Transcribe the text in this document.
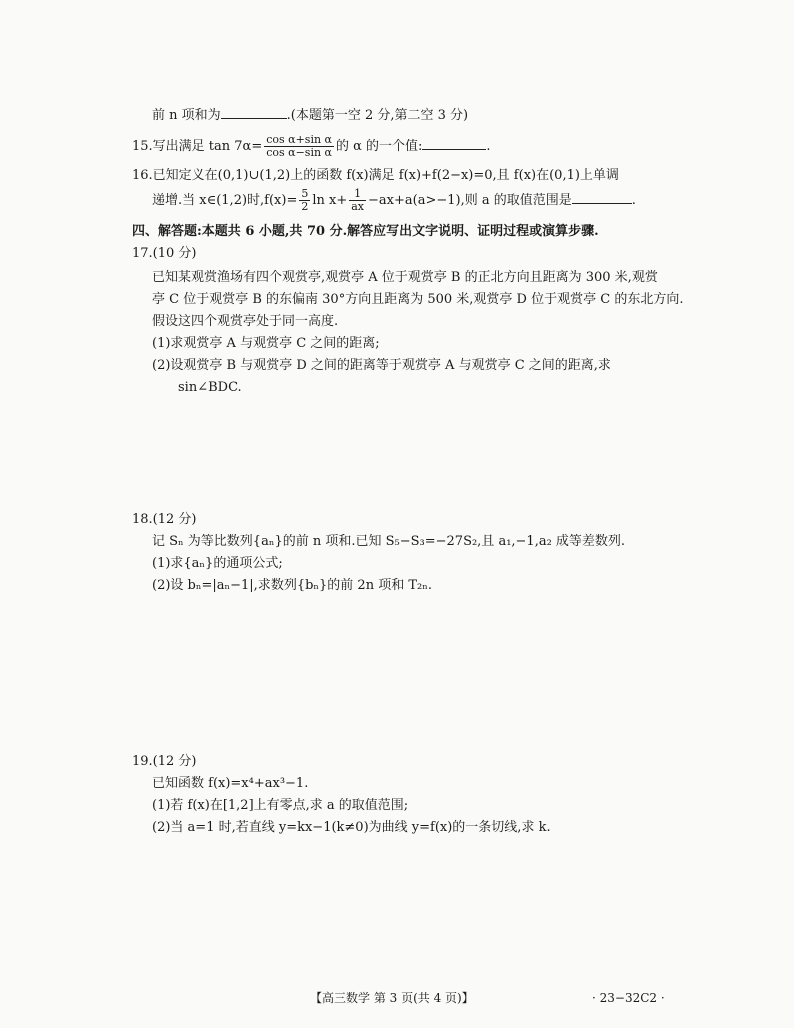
前 n 项和为	.(本题第一空 2 分,第二空 3 分)
15.写出满足 $\tan 7\alpha= \frac{\text{cos α+sin α}}{\text{cos α−sin α}}$ 的 α 的一个值:	.
16.已知定义在(0,1)∪(1,2)上的函数 f(x)满足 f(x)+f(2−x)=0,且 f(x)在(0,1)上单调
递增.当 x∈(1,2)时$,f(x)= \frac{5}{2}$ $\ln x+ \frac{1}{ax} -ax+a(a>-1)$,则 a 的取值范围是	.
四、解答题:本题共 6 小题,共 70 分.解答应写出文字说明、证明过程或演算步骤.
17.(10 分)
已知某观赏渔场有四个观赏亭,观赏亭 A 位于观赏亭 B 的正北方向且距离为 300 米,观赏
亭 C 位于观赏亭 B 的东偏南 30°方向且距离为 500 米,观赏亭 D 位于观赏亭 C 的东北方向.
假设这四个观赏亭处于同一高度.
(1)求观赏亭 A 与观赏亭 C 之间的距离;
(2)设观赏亭 B 与观赏亭 D 之间的距离等于观赏亭 A 与观赏亭 C 之间的距离,求
sin∠BDC.
18.(12 分)
记 Sₙ 为等比数列{aₙ}的前 n 项和.已知 S₅−S₃=−27S₂,且 a₁,−1,a₂ 成等差数列.
(1)求{aₙ}的通项公式;
(2)设 bₙ=|aₙ−1|,求数列{bₙ}的前 2n 项和 T₂ₙ.
19.(12 分)
已知函数 f(x)=x⁴+ax³−1.
(1)若 f(x)在[1,2]上有零点,求 a 的取值范围;
(2)当 a=1 时,若直线 y=kx−1(k≠0)为曲线 y=f(x)的一条切线,求 k.
【高三数学 第 3 页(共 4 页)】	· 23−32C2 ·
